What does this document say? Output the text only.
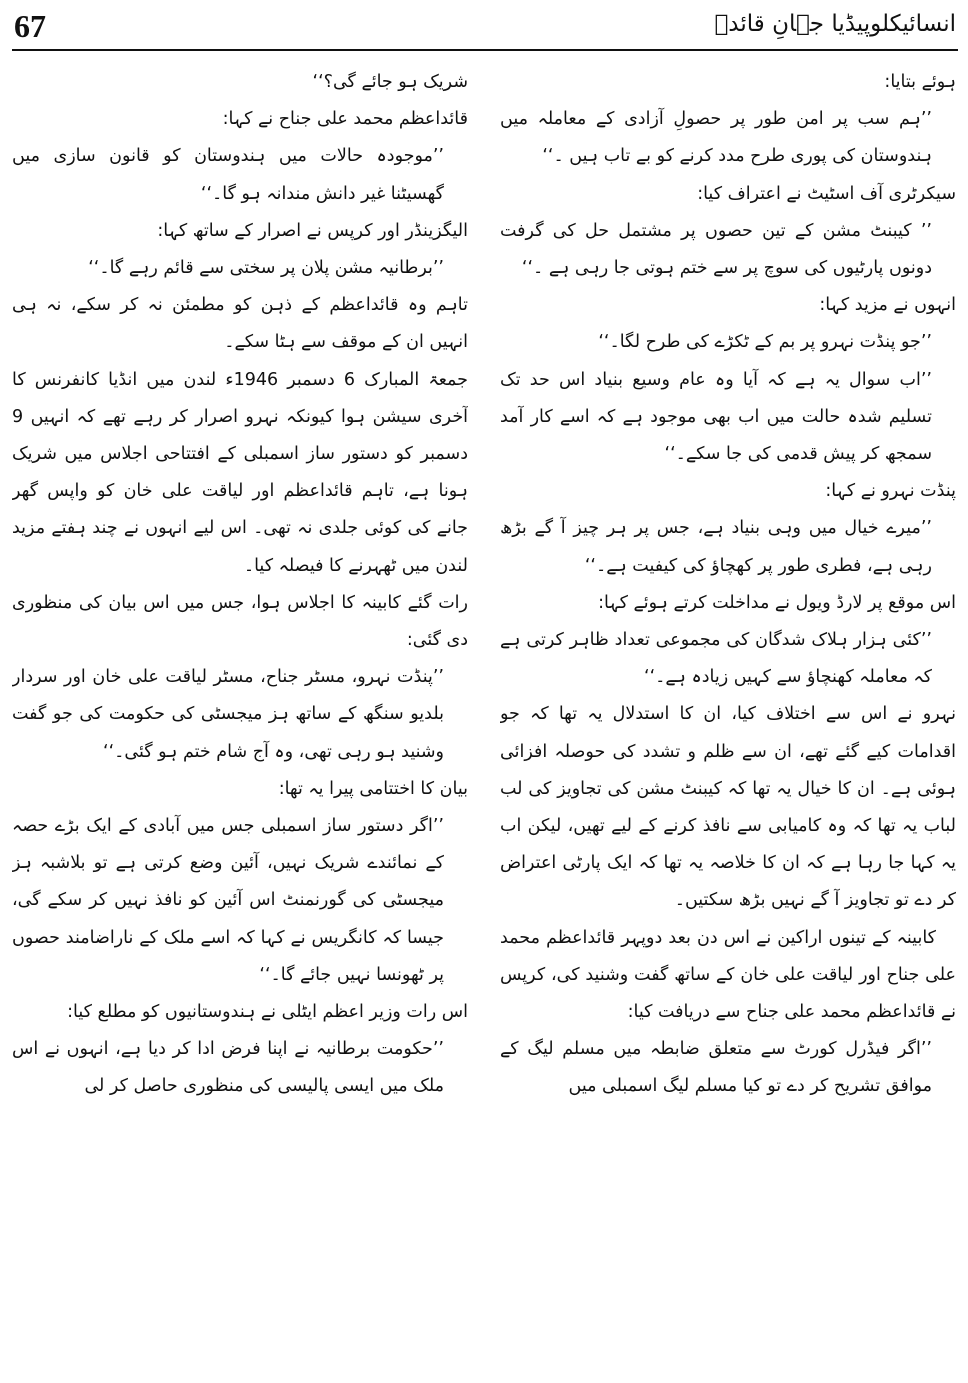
67	انسائیکلوپیڈیا جہانِ قائدؒ

ہوئے بتایا:

’’ہم سب پر امن طور پر حصولِ آزادی کے معاملہ میں ہندوستان کی پوری طرح مدد کرنے کو بے تاب ہیں ۔‘‘

سیکرٹری آف اسٹیٹ نے اعتراف کیا:

’’ کیبنٹ مشن کے تین حصوں پر مشتمل حل کی گرفت دونوں پارٹیوں کی سوچ پر سے ختم ہوتی جا رہی ہے ۔‘‘

انہوں نے مزید کہا:

’’جو پنڈت نہرو پر بم کے ٹکڑے کی طرح لگا۔‘‘

’’اب سوال یہ ہے کہ آیا وہ عام وسیع بنیاد اس حد تک تسلیم شدہ حالت میں اب بھی موجود ہے کہ اسے کار آمد سمجھ کر پیش قدمی کی جا سکے۔‘‘

پنڈت نہرو نے کہا:

’’میرے خیال میں وہی بنیاد ہے، جس پر ہر چیز آ گے بڑھ رہی ہے، فطری طور پر کھچاؤ کی کیفیت ہے۔‘‘

اس موقع پر لارڈ ویول نے مداخلت کرتے ہوئے کہا:

’’کئی ہزار ہلاک شدگان کی مجموعی تعداد ظاہر کرتی ہے کہ معاملہ کھنچاؤ سے کہیں زیادہ ہے۔‘‘

نہرو نے اس سے اختلاف کیا، ان کا استدلال یہ تھا کہ جو اقدامات کیے گئے تھے، ان سے ظلم و تشدد کی حوصلہ افزائی ہوئی ہے۔ ان کا خیال یہ تھا کہ کیبنٹ مشن کی تجاویز کی لب لباب یہ تھا کہ وہ کامیابی سے نافذ کرنے کے لیے تھیں، لیکن اب یہ کہا جا رہا ہے کہ ان کا خلاصہ یہ تھا کہ ایک پارٹی اعتراض کر دے تو تجاویز آ گے نہیں بڑھ سکتیں۔

کابینہ کے تینوں اراکین نے اس دن بعد دوپہر قائداعظم محمد علی جناح اور لیاقت علی خان کے ساتھ گفت وشنید کی، کرپس نے قائداعظم محمد علی جناح سے دریافت کیا:

’’اگر فیڈرل کورٹ سے متعلق ضابطہ میں مسلم لیگ کے موافق تشریح کر دے تو کیا مسلم لیگ اسمبلی میں

شریک ہو جائے گی؟‘‘

قائداعظم محمد علی جناح نے کہا:

’’موجودہ حالات میں ہندوستان کو قانون سازی میں گھسیٹنا غیر دانش مندانہ ہو گا۔‘‘

الیگزینڈر اور کرپس نے اصرار کے ساتھ کہا:

’’برطانیہ مشن پلان پر سختی سے قائم رہے گا۔‘‘

تاہم وہ قائداعظم کے ذہن کو مطمئن نہ کر سکے، نہ ہی انہیں ان کے موقف سے ہٹا سکے۔

جمعۃ المبارک 6 دسمبر 1946ء لندن میں انڈیا کانفرنس کا آخری سیشن ہوا کیونکہ نہرو اصرار کر رہے تھے کہ انہیں 9 دسمبر کو دستور ساز اسمبلی کے افتتاحی اجلاس میں شریک ہونا ہے، تاہم قائداعظم اور لیاقت علی خان کو واپس گھر جانے کی کوئی جلدی نہ تھی۔ اس لیے انہوں نے چند ہفتے مزید لندن میں ٹھہرنے کا فیصلہ کیا۔

رات گئے کابینہ کا اجلاس ہوا، جس میں اس بیان کی منظوری دی گئی:

’’پنڈت نہرو، مسٹر جناح، مسٹر لیاقت علی خان اور سردار بلدیو سنگھ کے ساتھ ہز میجسٹی کی حکومت کی جو گفت وشنید ہو رہی تھی، وہ آج شام ختم ہو گئی۔‘‘

بیان کا اختتامی پیرا یہ تھا:

’’اگر دستور ساز اسمبلی جس میں آبادی کے ایک بڑے حصہ کے نمائندے شریک نہیں، آئین وضع کرتی ہے تو بلاشبہ ہز میجسٹی کی گورنمنٹ اس آئین کو نافذ نہیں کر سکے گی، جیسا کہ کانگریس نے کہا کہ اسے ملک کے ناراضامند حصوں پر ٹھونسا نہیں جائے گا۔‘‘

اس رات وزیر اعظم ایٹلی نے ہندوستانیوں کو مطلع کیا:

’’حکومت برطانیہ نے اپنا فرض ادا کر دیا ہے، انہوں نے اس ملک میں ایسی پالیسی کی منظوری حاصل کر لی
